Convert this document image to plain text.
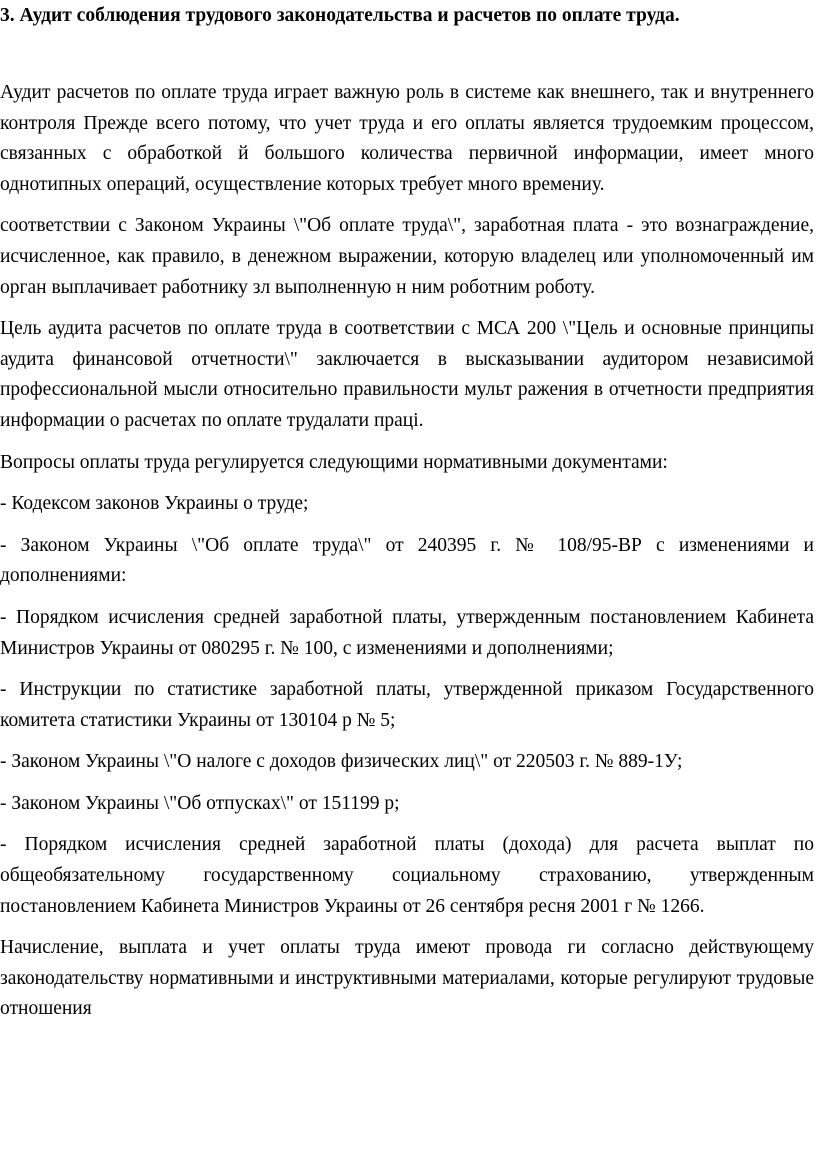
3. Аудит соблюдения трудового законодательства и расчетов по оплате труда.

Аудит расчетов по оплате труда играет важную роль в системе как внешнего, так и внутреннего контроля Прежде всего потому, что учет труда и его оплаты является трудоемким процессом, связанных с обработкой й большого количества первичной информации, имеет много однотипных операций, осуществление которых требует много времениу.

соответствии с Законом Украины \"Об оплате труда\", заработная плата - это вознаграждение, исчисленное, как правило, в денежном выражении, которую владелец или уполномоченный им орган выплачивает работнику зл выполненную н ним роботним роботу.

Цель аудита расчетов по оплате труда в соответствии с МСА 200 \"Цель и основные принципы аудита финансовой отчетности\" заключается в высказывании аудитором независимой профессиональной мысли относительно правильности мульт ражения в отчетности предприятия информации о расчетах по оплате трудалати праці.

Вопросы оплаты труда регулируется следующими нормативными документами:

- Кодексом законов Украины о труде;

- Законом Украины \"Об оплате труда\" от 240395 г. № 108/95-ВР с изменениями и дополнениями:

- Порядком исчисления средней заработной платы, утвержденным постановлением Кабинета Министров Украины от 080295 г. № 100, с изменениями и дополнениями;

- Инструкции по статистике заработной платы, утвержденной приказом Государственного комитета статистики Украины от 130104 р № 5;

- Законом Украины \"О налоге с доходов физических лиц\" от 220503 г. № 889-1У;

- Законом Украины \"Об отпусках\" от 151199 р;

- Порядком исчисления средней заработной платы (дохода) для расчета выплат по общеобязательному государственному социальному страхованию, утвержденным постановлением Кабинета Министров Украины от 26 сентября ресня 2001 г № 1266.

Начисление, выплата и учет оплаты труда имеют провода ги согласно действующему законодательству нормативными и инструктивными материалами, которые регулируют трудовые отношения
